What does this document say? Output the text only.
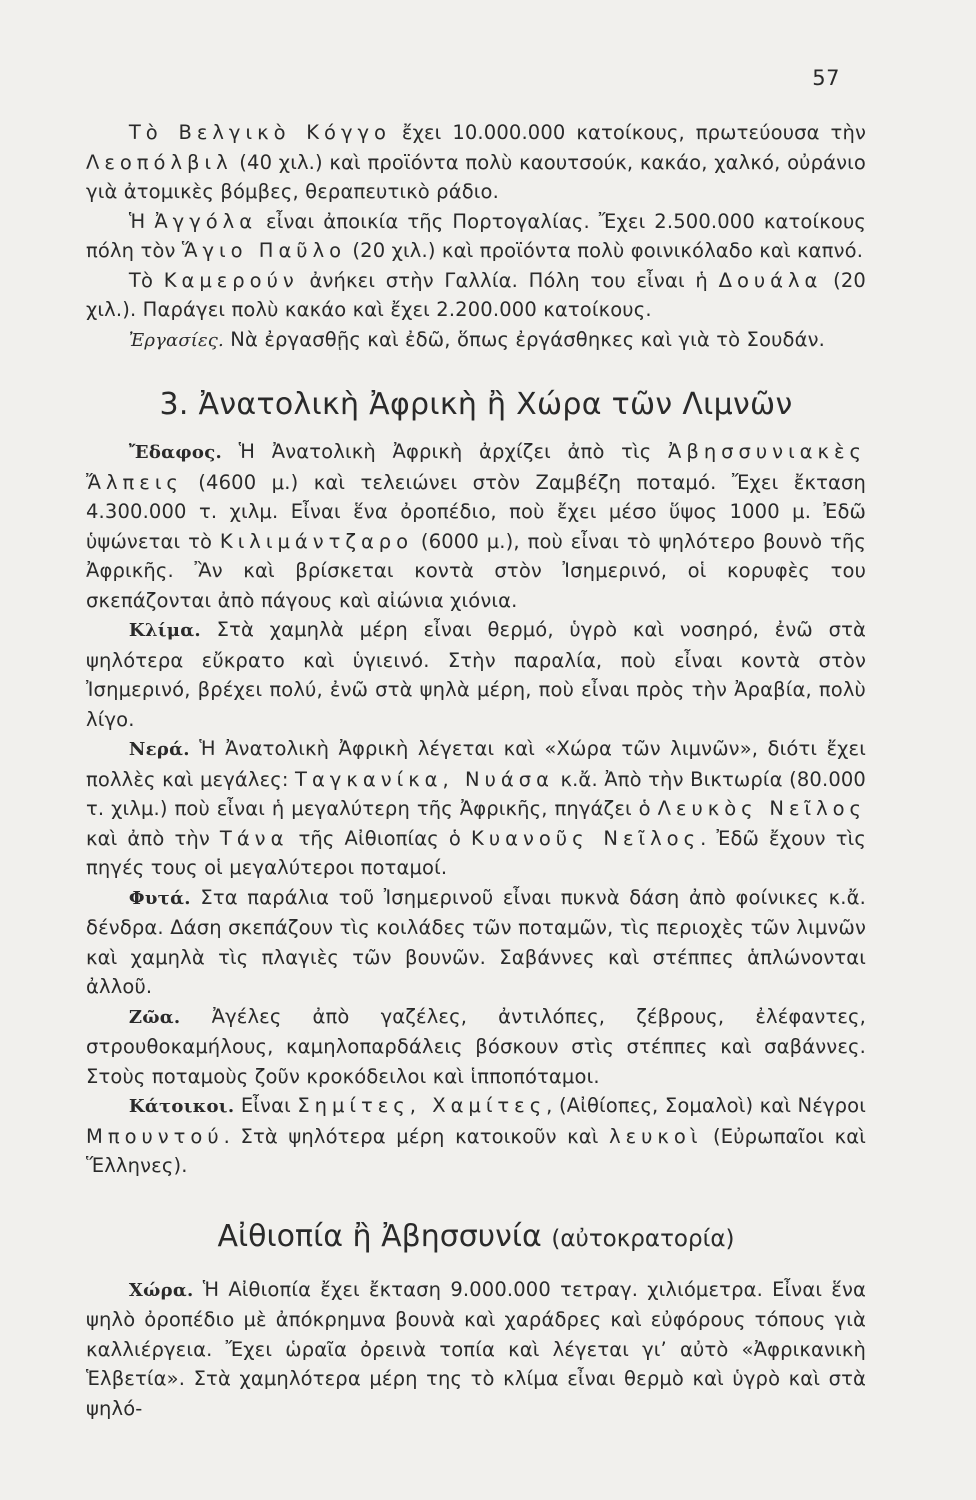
57

Τὸ Βελγικὸ Κόγγο ἔχει 10.000.000 κατοίκους, πρωτεύουσα τὴν Λεοπόλβιλ (40 χιλ.) καὶ προϊόντα πολὺ καουτσούκ, κακάο, χαλκό, οὐράνιο γιὰ ἀτομικὲς βόμβες, θεραπευτικὸ ράδιο.

Ἡ Ἀγγόλα εἶναι ἀποικία τῆς Πορτογαλίας. Ἔχει 2.500.000 κατοίκους πόλη τὸν Ἅγιο Παῦλο (20 χιλ.) καὶ προϊόντα πολὺ φοινικόλαδο καὶ καπνό.

Τὸ Καμερούν ἀνήκει στὴν Γαλλία. Πόλη του εἶναι ἡ Δουάλα (20 χιλ.). Παράγει πολὺ κακάο καὶ ἔχει 2.200.000 κατοίκους.

Ἐργασίες. Νὰ ἐργασθῇς καὶ ἐδῶ, ὅπως ἐργάσθηκες καὶ γιὰ τὸ Σουδάν.

3. Ἀνατολικὴ Ἀφρικὴ ἢ Χώρα τῶν Λιμνῶν

Ἔδαφος. Ἡ Ἀνατολικὴ Ἀφρικὴ ἀρχίζει ἀπὸ τὶς Ἀβησσυνιακὲς Ἄλπεις (4600 μ.) καὶ τελειώνει στὸν Ζαμβέζη ποταμό. Ἔχει ἔκταση 4.300.000 τ. χιλμ. Εἶναι ἕνα ὀροπέδιο, ποὺ ἔχει μέσο ὕψος 1000 μ. Ἐδῶ ὑψώνεται τὸ Κιλιμάντζαρο (6000 μ.), ποὺ εἶναι τὸ ψηλότερο βουνὸ τῆς Ἀφρικῆς. Ἂν καὶ βρίσκεται κοντὰ στὸν Ἰσημερινό, οἱ κορυφὲς του σκεπάζονται ἀπὸ πάγους καὶ αἰώνια χιόνια.

Κλίμα. Στὰ χαμηλὰ μέρη εἶναι θερμό, ὑγρὸ καὶ νοσηρό, ἐνῶ στὰ ψηλότερα εὔκρατο καὶ ὑγιεινό. Στὴν παραλία, ποὺ εἶναι κοντὰ στὸν Ἰσημερινό, βρέχει πολύ, ἐνῶ στὰ ψηλὰ μέρη, ποὺ εἶναι πρὸς τὴν Ἀραβία, πολὺ λίγο.

Νερά. Ἡ Ἀνατολικὴ Ἀφρικὴ λέγεται καὶ «Χώρα τῶν λιμνῶν», διότι ἔχει πολλὲς καὶ μεγάλες: Ταγκανίκα, Νυάσα κ.ἄ. Ἀπὸ τὴν Βικτωρία (80.000 τ. χιλμ.) ποὺ εἶναι ἡ μεγαλύτερη τῆς Ἀφρικῆς, πηγάζει ὁ Λευκὸς Νεῖλος καὶ ἀπὸ τὴν Τάνα τῆς Αἰθιοπίας ὁ Κυανοῦς Νεῖλος. Ἐδῶ ἔχουν τὶς πηγές τους οἱ μεγαλύτεροι ποταμοί.

Φυτά. Στα παράλια τοῦ Ἰσημερινοῦ εἶναι πυκνὰ δάση ἀπὸ φοίνικες κ.ἄ. δένδρα. Δάση σκεπάζουν τὶς κοιλάδες τῶν ποταμῶν, τὶς περιοχὲς τῶν λιμνῶν καὶ χαμηλὰ τὶς πλαγιὲς τῶν βουνῶν. Σαβάννες καὶ στέππες ἁπλώνονται ἀλλοῦ.

Ζῶα. Ἀγέλες ἀπὸ γαζέλες, ἀντιλόπες, ζέβρους, ἐλέφαντες, στρουθοκαμήλους, καμηλοπαρδάλεις βόσκουν στὶς στέππες καὶ σαβάννες. Στοὺς ποταμοὺς ζοῦν κροκόδειλοι καὶ ἱπποπόταμοι.

Κάτοικοι. Εἶναι Σημίτες, Χαμίτες, (Αἰθίοπες, Σομαλοὶ) καὶ Νέγροι Μπουντού. Στὰ ψηλότερα μέρη κατοικοῦν καὶ λευκοὶ (Εὐρωπαῖοι καὶ Ἕλληνες).

Αἰθιοπία ἢ Ἀβησσυνία (αὐτοκρατορία)

Χώρα. Ἡ Αἰθιοπία ἔχει ἔκταση 9.000.000 τετραγ. χιλιόμετρα. Εἶναι ἕνα ψηλὸ ὀροπέδιο μὲ ἀπόκρημνα βουνὰ καὶ χαράδρες καὶ εὐφόρους τόπους γιὰ καλλιέργεια. Ἔχει ὡραῖα ὀρεινὰ τοπία καὶ λέγεται γι’ αὐτὸ «Ἀφρικανικὴ Ἑλβετία». Στὰ χαμηλότερα μέρη της τὸ κλίμα εἶναι θερμὸ καὶ ὑγρὸ καὶ στὰ ψηλό-
